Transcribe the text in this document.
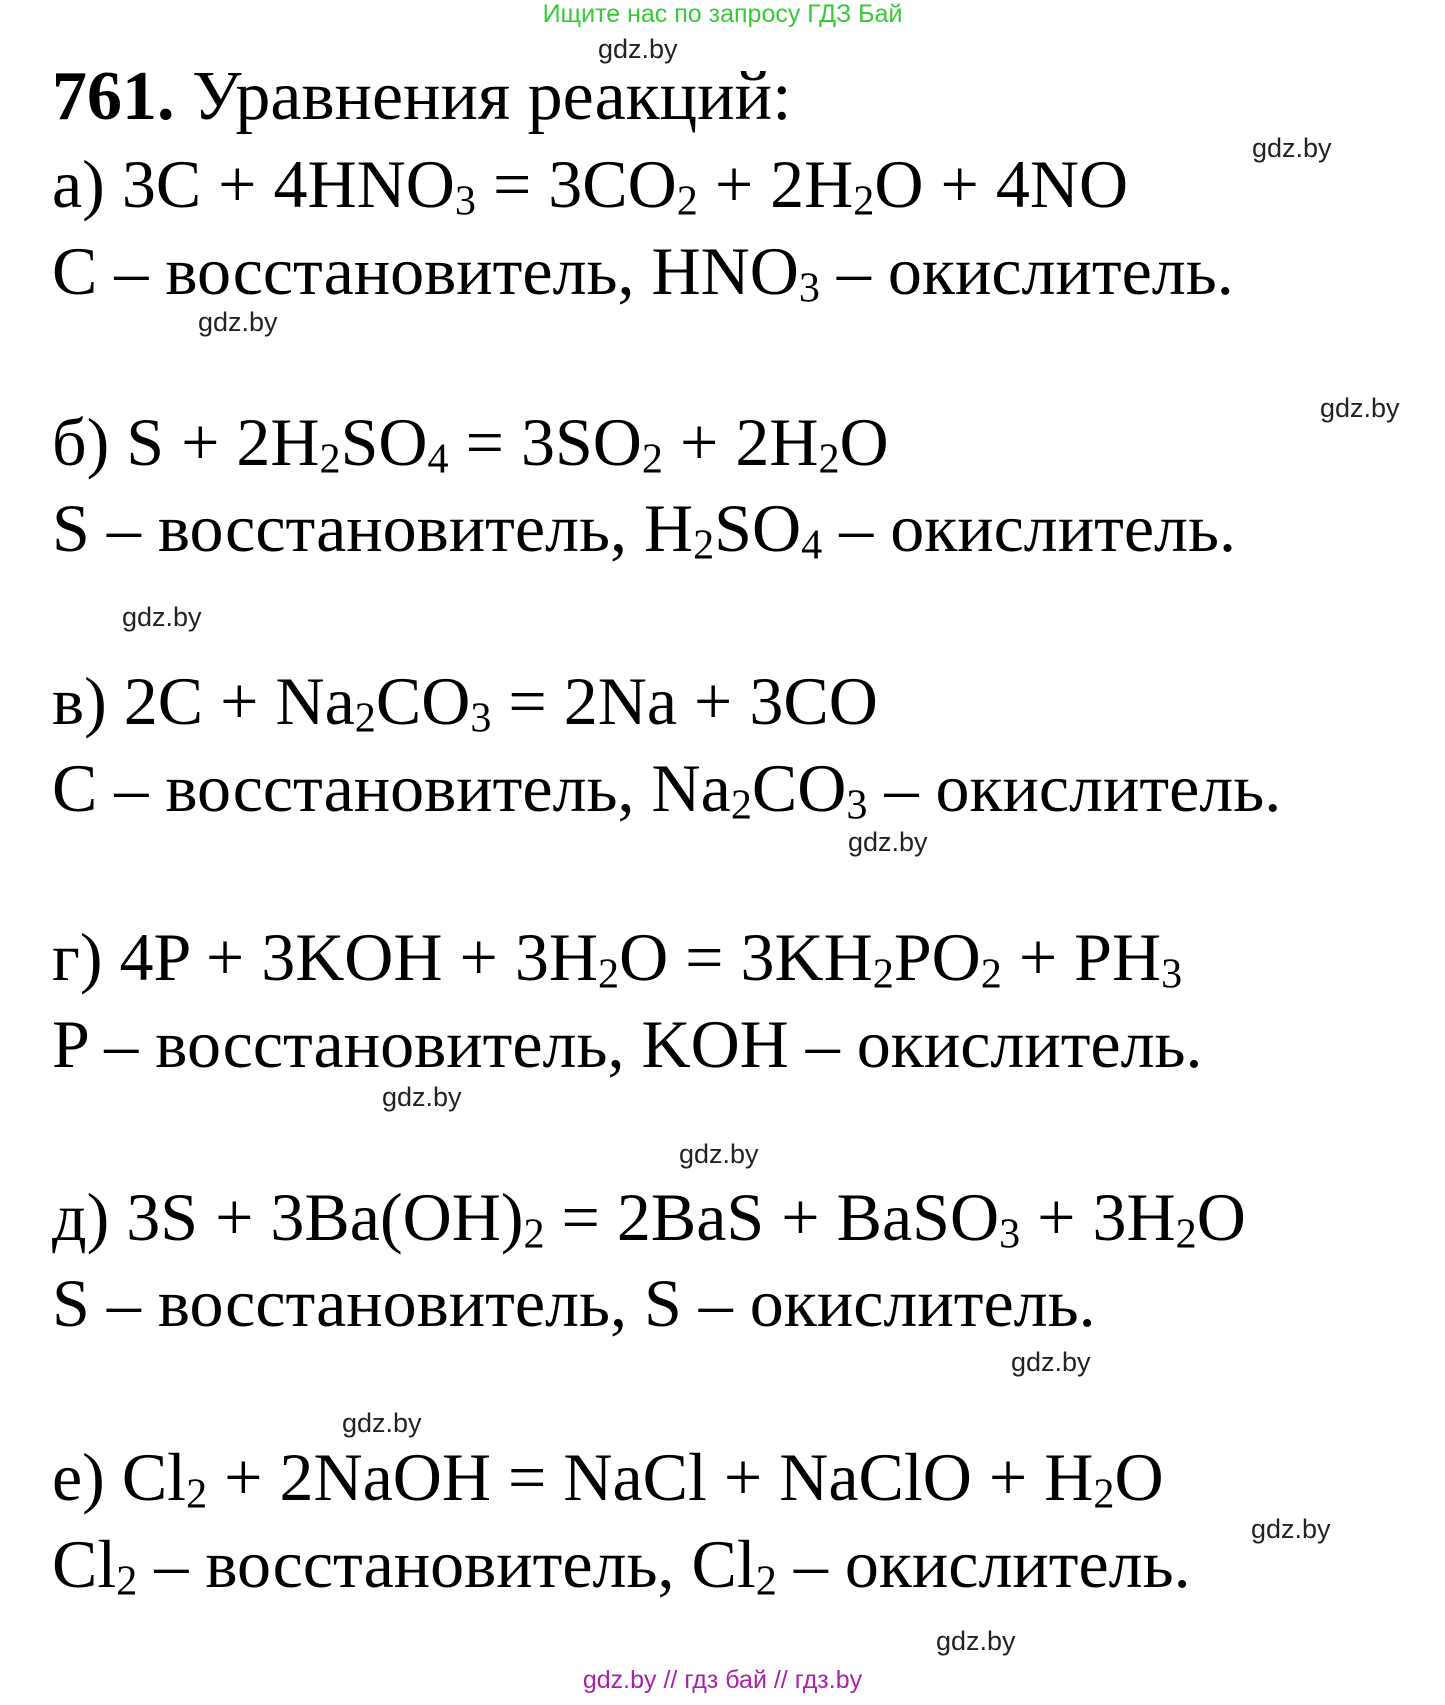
Ищите нас по запросу ГДЗ Бай
gdz.by
gdz.by
gdz.by
gdz.by
gdz.by
gdz.by
gdz.by
gdz.by
gdz.by
gdz.by
gdz.by
gdz.by
761. Уравнения реакций:
а) $3C + 4HNO_3 = 3CO_2 + 2H_2O + 4NO$
C – восстановитель, $HNO_3$ – окислитель.
б) $S + 2H_2SO_4 = 3SO_2 + 2H_2O$
S – восстановитель, $H_2SO_4$ – окислитель.
в) $2C + Na_2CO_3 = 2Na + 3CO$
C – восстановитель, $Na_2CO_3$ – окислитель.
г) $4P + 3KOH + 3H_2O = 3KH_2PO_2 + PH_3$
P – восстановитель, KOH – окислитель.
д) $3S + 3Ba(OH)_2 = 2BaS$ + BaSO$_3$ + $3H_2O$
S – восстановитель, S – окислитель.
е) $Cl_2$ + 2NaOH = NaCl + NaClO + $H_2O$
$Cl_2$ – восстановитель, $Cl_2$ – окислитель.
gdz.by // гдз бай // гдз.by
